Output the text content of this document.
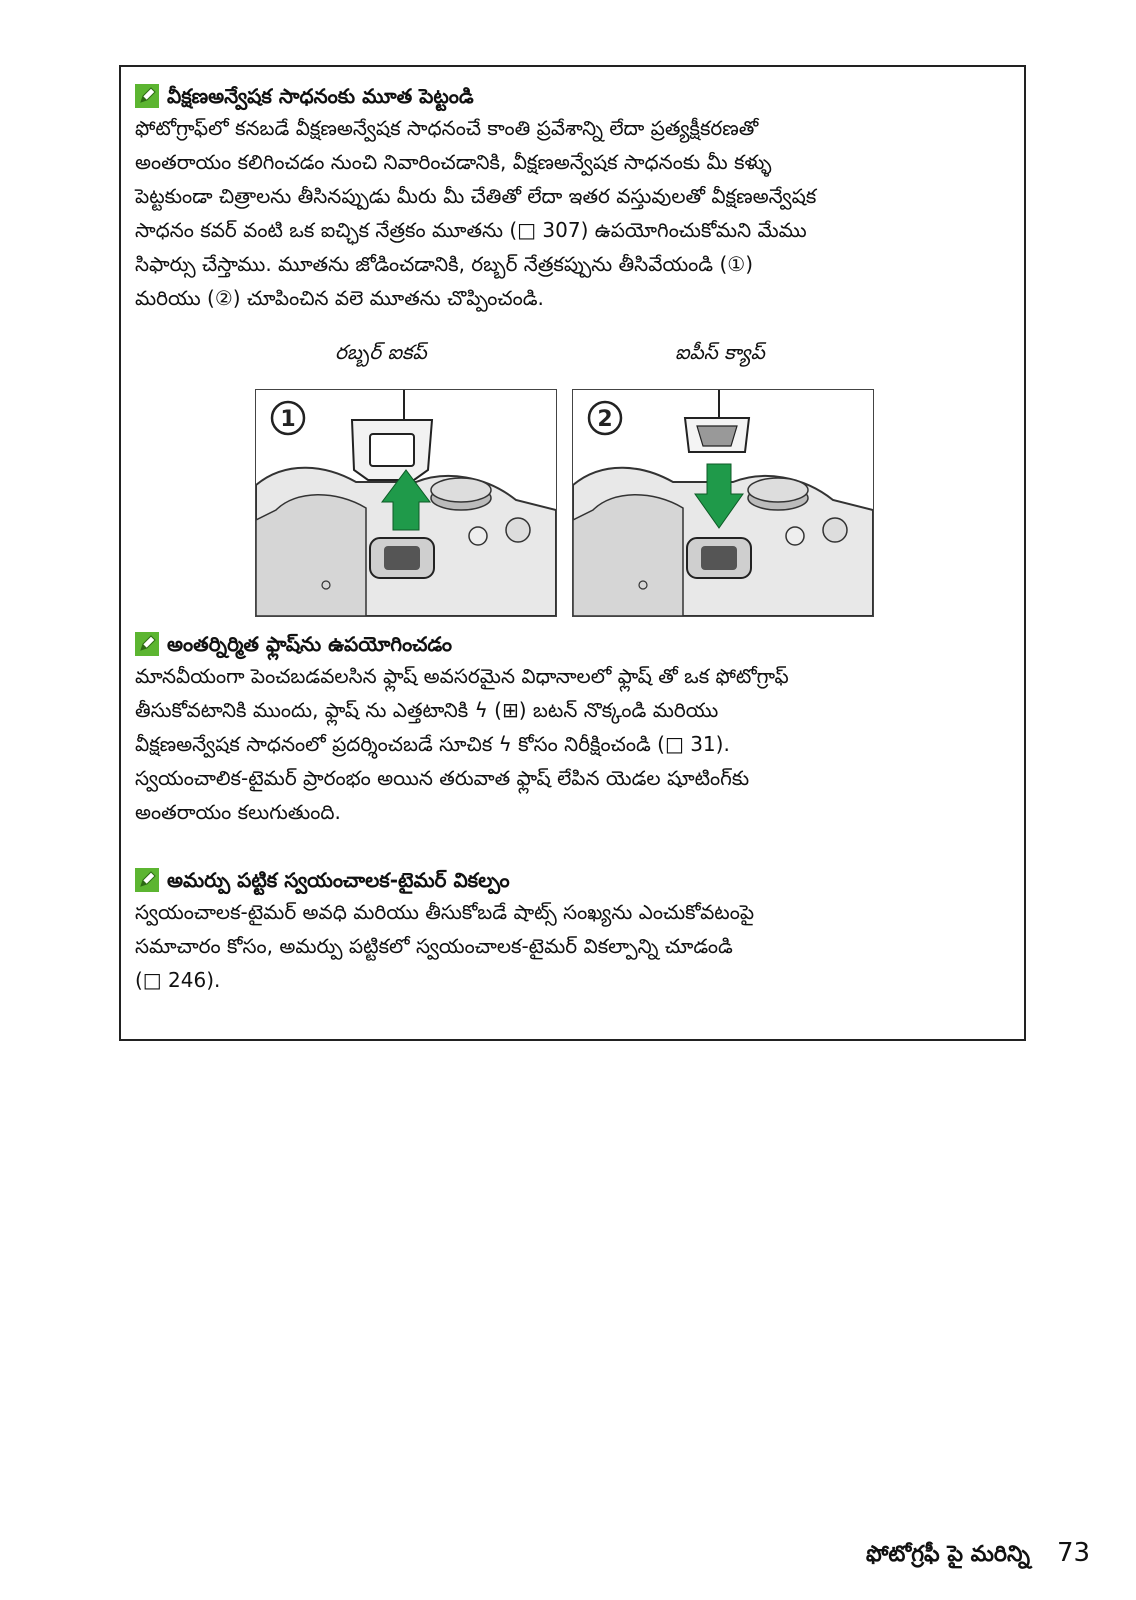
వీక్షణఅన్వేషక సాధనంకు మూత పెట్టండి

ఫోటోగ్రాఫ్‌లో కనబడే వీక్షణఅన్వేషక సాధనంచే కాంతి ప్రవేశాన్ని లేదా ప్రత్యక్షీకరణతో

అంతరాయం కలిగించడం నుంచి నివారించడానికి, వీక్షణఅన్వేషక సాధనంకు మీ కళ్ళు

పెట్టకుండా చిత్రాలను తీసినప్పుడు మీరు మీ చేతితో లేదా ఇతర వస్తువులతో వీక్షణఅన్వేషక

సాధనం కవర్ వంటి ఒక ఐచ్ఛిక నేత్రకం మూతను (□ 307) ఉపయోగించుకోమని మేము

సిఫార్సు చేస్తాము. మూతను జోడించడానికి, రబ్బర్ నేత్రకప్పును తీసివేయండి (①)

మరియు (②) చూపించిన వలె మూతను చొప్పించండి.

రబ్బర్ ఐకప్	ఐపీస్ క్యాప్
1	2
అంతర్నిర్మిత ఫ్లాష్‌ను ఉపయోగించడం

మానవీయంగా పెంచబడవలసిన ఫ్లాష్ అవసరమైన విధానాలలో ఫ్లాష్ తో ఒక ఫోటోగ్రాఫ్

తీసుకోవటానికి ముందు, ఫ్లాష్ ను ఎత్తటానికి ϟ (⊞) బటన్ నొక్కండి మరియు

వీక్షణఅన్వేషక సాధనంలో ప్రదర్శించబడే సూచిక ϟ కోసం నిరీక్షించండి (□ 31).

స్వయంచాలిక-టైమర్ ప్రారంభం అయిన తరువాత ఫ్లాష్ లేపిన యెడల షూటింగ్‌కు

అంతరాయం కలుగుతుంది.

అమర్పు పట్టిక స్వయంచాలక-టైమర్ వికల్పం

స్వయంచాలక-టైమర్ అవధి మరియు తీసుకోబడే షాట్స్ సంఖ్యను ఎంచుకోవటంపై

సమాచారం కోసం, అమర్పు పట్టికలో స్వయంచాలక-టైమర్ వికల్పాన్ని చూడండి

(□ 246).

ఫోటోగ్రఫీ పై మరిన్ని 73
